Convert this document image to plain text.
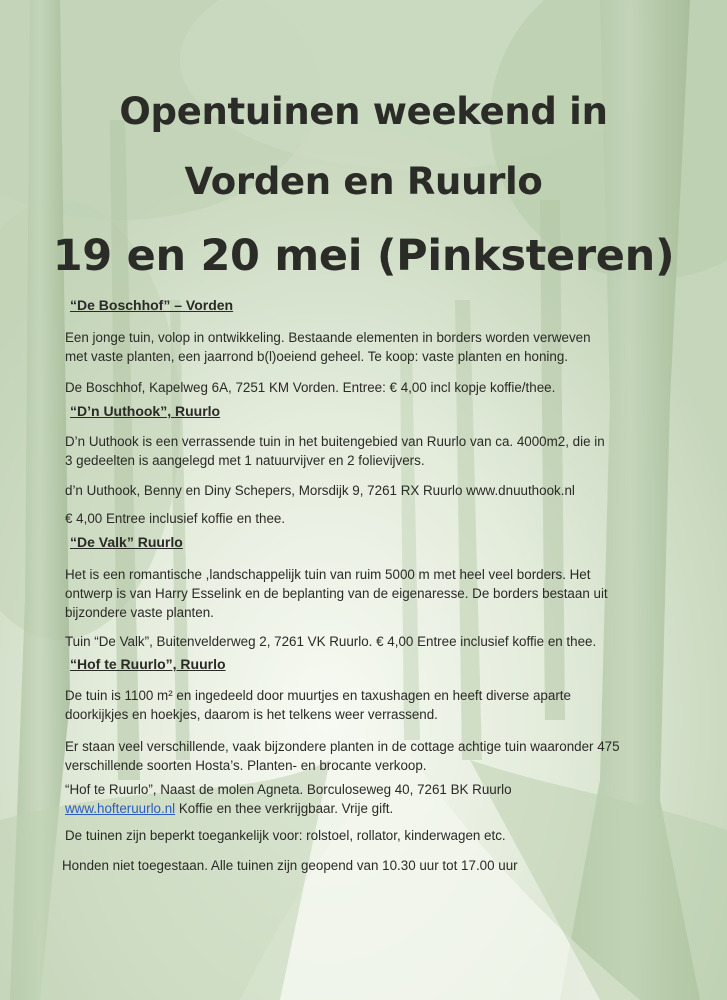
Opentuinen weekend in
Vorden en Ruurlo
19 en 20 mei (Pinksteren)

“De Boschhof” – Vorden

Een jonge tuin, volop in ontwikkeling. Bestaande elementen in borders worden verweven

met vaste planten, een jaarrond b(l)oeiend geheel. Te koop: vaste planten en honing.

De Boschhof, Kapelweg 6A, 7251 KM Vorden. Entree: € 4,00 incl kopje koffie/thee.

“D’n Uuthook”, Ruurlo

D’n Uuthook is een verrassende tuin in het buitengebied van Ruurlo van ca. 4000m2, die in

3 gedeelten is aangelegd met 1 natuurvijver en 2 folievijvers.

d’n Uuthook, Benny en Diny Schepers, Morsdijk 9, 7261 RX Ruurlo www.dnuuthook.nl

€ 4,00 Entree inclusief koffie en thee.

“De Valk” Ruurlo

Het is een romantische ,landschappelijk tuin van ruim 5000 m met heel veel borders. Het

ontwerp is van Harry Esselink en de beplanting van de eigenaresse. De borders bestaan uit

bijzondere vaste planten.

Tuin “De Valk”, Buitenvelderweg 2, 7261 VK Ruurlo. € 4,00 Entree inclusief koffie en thee.

“Hof te Ruurlo”, Ruurlo

De tuin is 1100 m² en ingedeeld door muurtjes en taxushagen en heeft diverse aparte

doorkijkjes en hoekjes, daarom is het telkens weer verrassend.

Er staan veel verschillende, vaak bijzondere planten in de cottage achtige tuin waaronder 475

verschillende soorten Hosta’s. Planten- en brocante verkoop.

“Hof te Ruurlo”, Naast de molen Agneta. Borculoseweg 40, 7261 BK Ruurlo

www.hofteruurlo.nl Koffie en thee verkrijgbaar. Vrije gift.

De tuinen zijn beperkt toegankelijk voor: rolstoel, rollator, kinderwagen etc.

Honden niet toegestaan. Alle tuinen zijn geopend van 10.30 uur tot 17.00 uur
